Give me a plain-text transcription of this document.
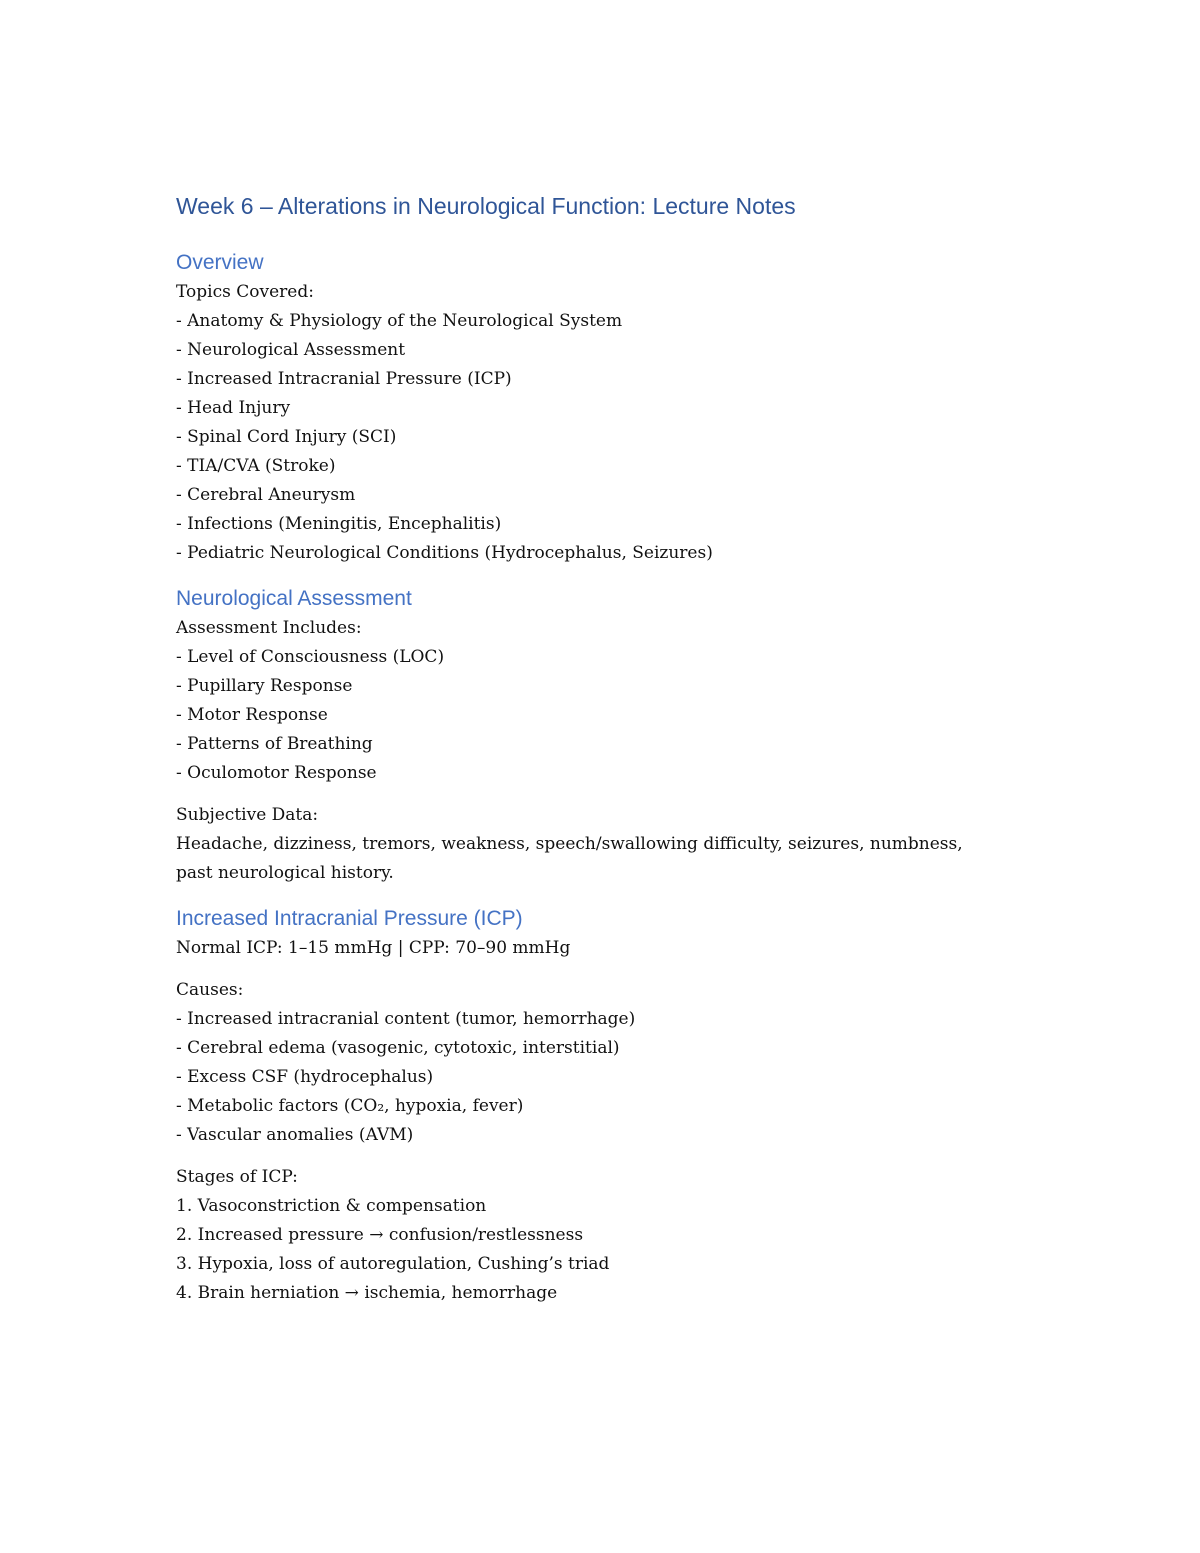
Week 6 – Alterations in Neurological Function: Lecture Notes
Overview

Topics Covered:

- Anatomy & Physiology of the Neurological System

- Neurological Assessment

- Increased Intracranial Pressure (ICP)

- Head Injury

- Spinal Cord Injury (SCI)

- TIA/CVA (Stroke)

- Cerebral Aneurysm

- Infections (Meningitis, Encephalitis)

- Pediatric Neurological Conditions (Hydrocephalus, Seizures)

Neurological Assessment

Assessment Includes:

- Level of Consciousness (LOC)

- Pupillary Response

- Motor Response

- Patterns of Breathing

- Oculomotor Response

Subjective Data:

Headache, dizziness, tremors, weakness, speech/swallowing difficulty, seizures, numbness,

past neurological history.

Increased Intracranial Pressure (ICP)

Normal ICP: 1–15 mmHg | CPP: 70–90 mmHg

Causes:

- Increased intracranial content (tumor, hemorrhage)

- Cerebral edema (vasogenic, cytotoxic, interstitial)

- Excess CSF (hydrocephalus)

- Metabolic factors (CO₂, hypoxia, fever)

- Vascular anomalies (AVM)

Stages of ICP:

1. Vasoconstriction & compensation

2. Increased pressure → confusion/restlessness

3. Hypoxia, loss of autoregulation, Cushing’s triad

4. Brain herniation → ischemia, hemorrhage
